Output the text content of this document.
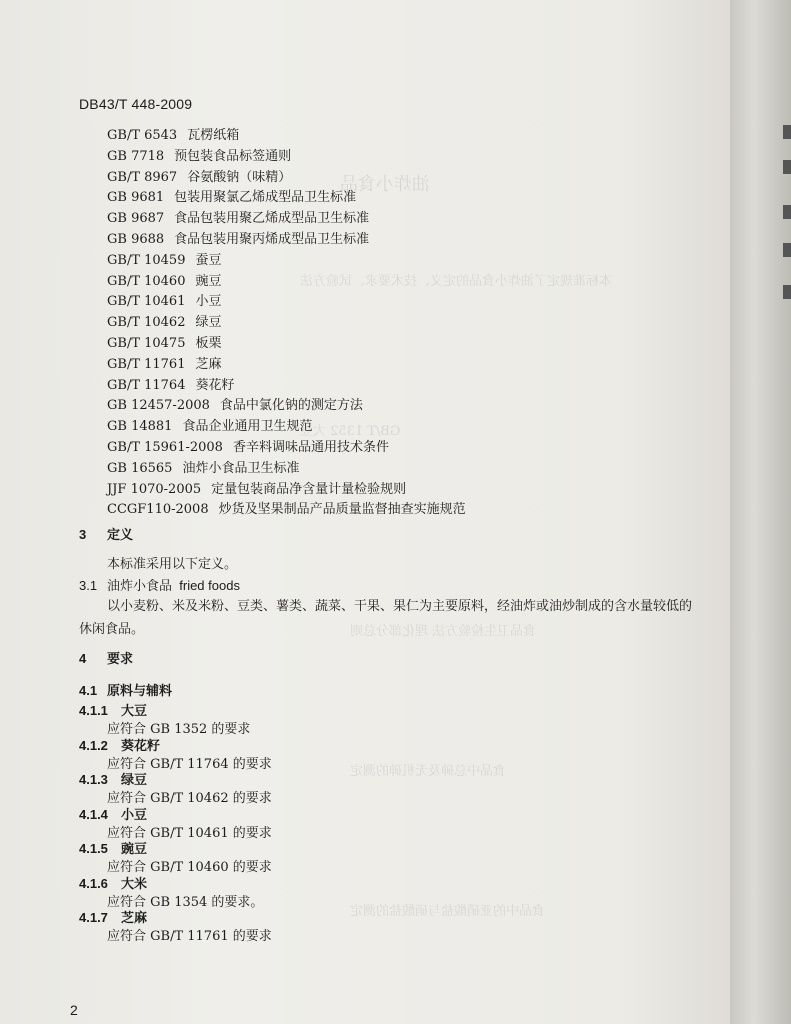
油炸小食品
本标准规定了油炸小食品的定义、技术要求、试验方法
GB/T 1352 大豆
食品卫生检验方法 理化部分总则
食品中总砷及无机砷的测定
食品中的亚硝酸盐与硝酸盐的测定
DB43/T 448-2009
GB/T 6543 瓦楞纸箱
GB 7718 预包装食品标签通则
GB/T 8967 谷氨酸钠（味精）
GB 9681 包装用聚氯乙烯成型品卫生标准
GB 9687 食品包装用聚乙烯成型品卫生标准
GB 9688 食品包装用聚丙烯成型品卫生标准
GB/T 10459 蚕豆
GB/T 10460 豌豆
GB/T 10461 小豆
GB/T 10462 绿豆
GB/T 10475 板栗
GB/T 11761 芝麻
GB/T 11764 葵花籽
GB 12457-2008 食品中氯化钠的测定方法
GB 14881 食品企业通用卫生规范
GB/T 15961-2008 香辛料调味品通用技术条件
GB 16565 油炸小食品卫生标准
JJF 1070-2005 定量包装商品净含量计量检验规则
CCGF110-2008 炒货及坚果制品产品质量监督抽查实施规范
3 定义
本标准采用以下定义。
3.1 油炸小食品 fried foods
以小麦粉、米及米粉、豆类、薯类、蔬菜、干果、果仁为主要原料，经油炸或油炒制成的含水量较低的休闲食品。
4 要求
4.1 原料与辅料
4.1.1 大豆
应符合 GB 1352 的要求
4.1.2 葵花籽
应符合 GB/T 11764 的要求
4.1.3 绿豆
应符合 GB/T 10462 的要求
4.1.4 小豆
应符合 GB/T 10461 的要求
4.1.5 豌豆
应符合 GB/T 10460 的要求
4.1.6 大米
应符合 GB 1354 的要求。
4.1.7 芝麻
应符合 GB/T 11761 的要求
2
